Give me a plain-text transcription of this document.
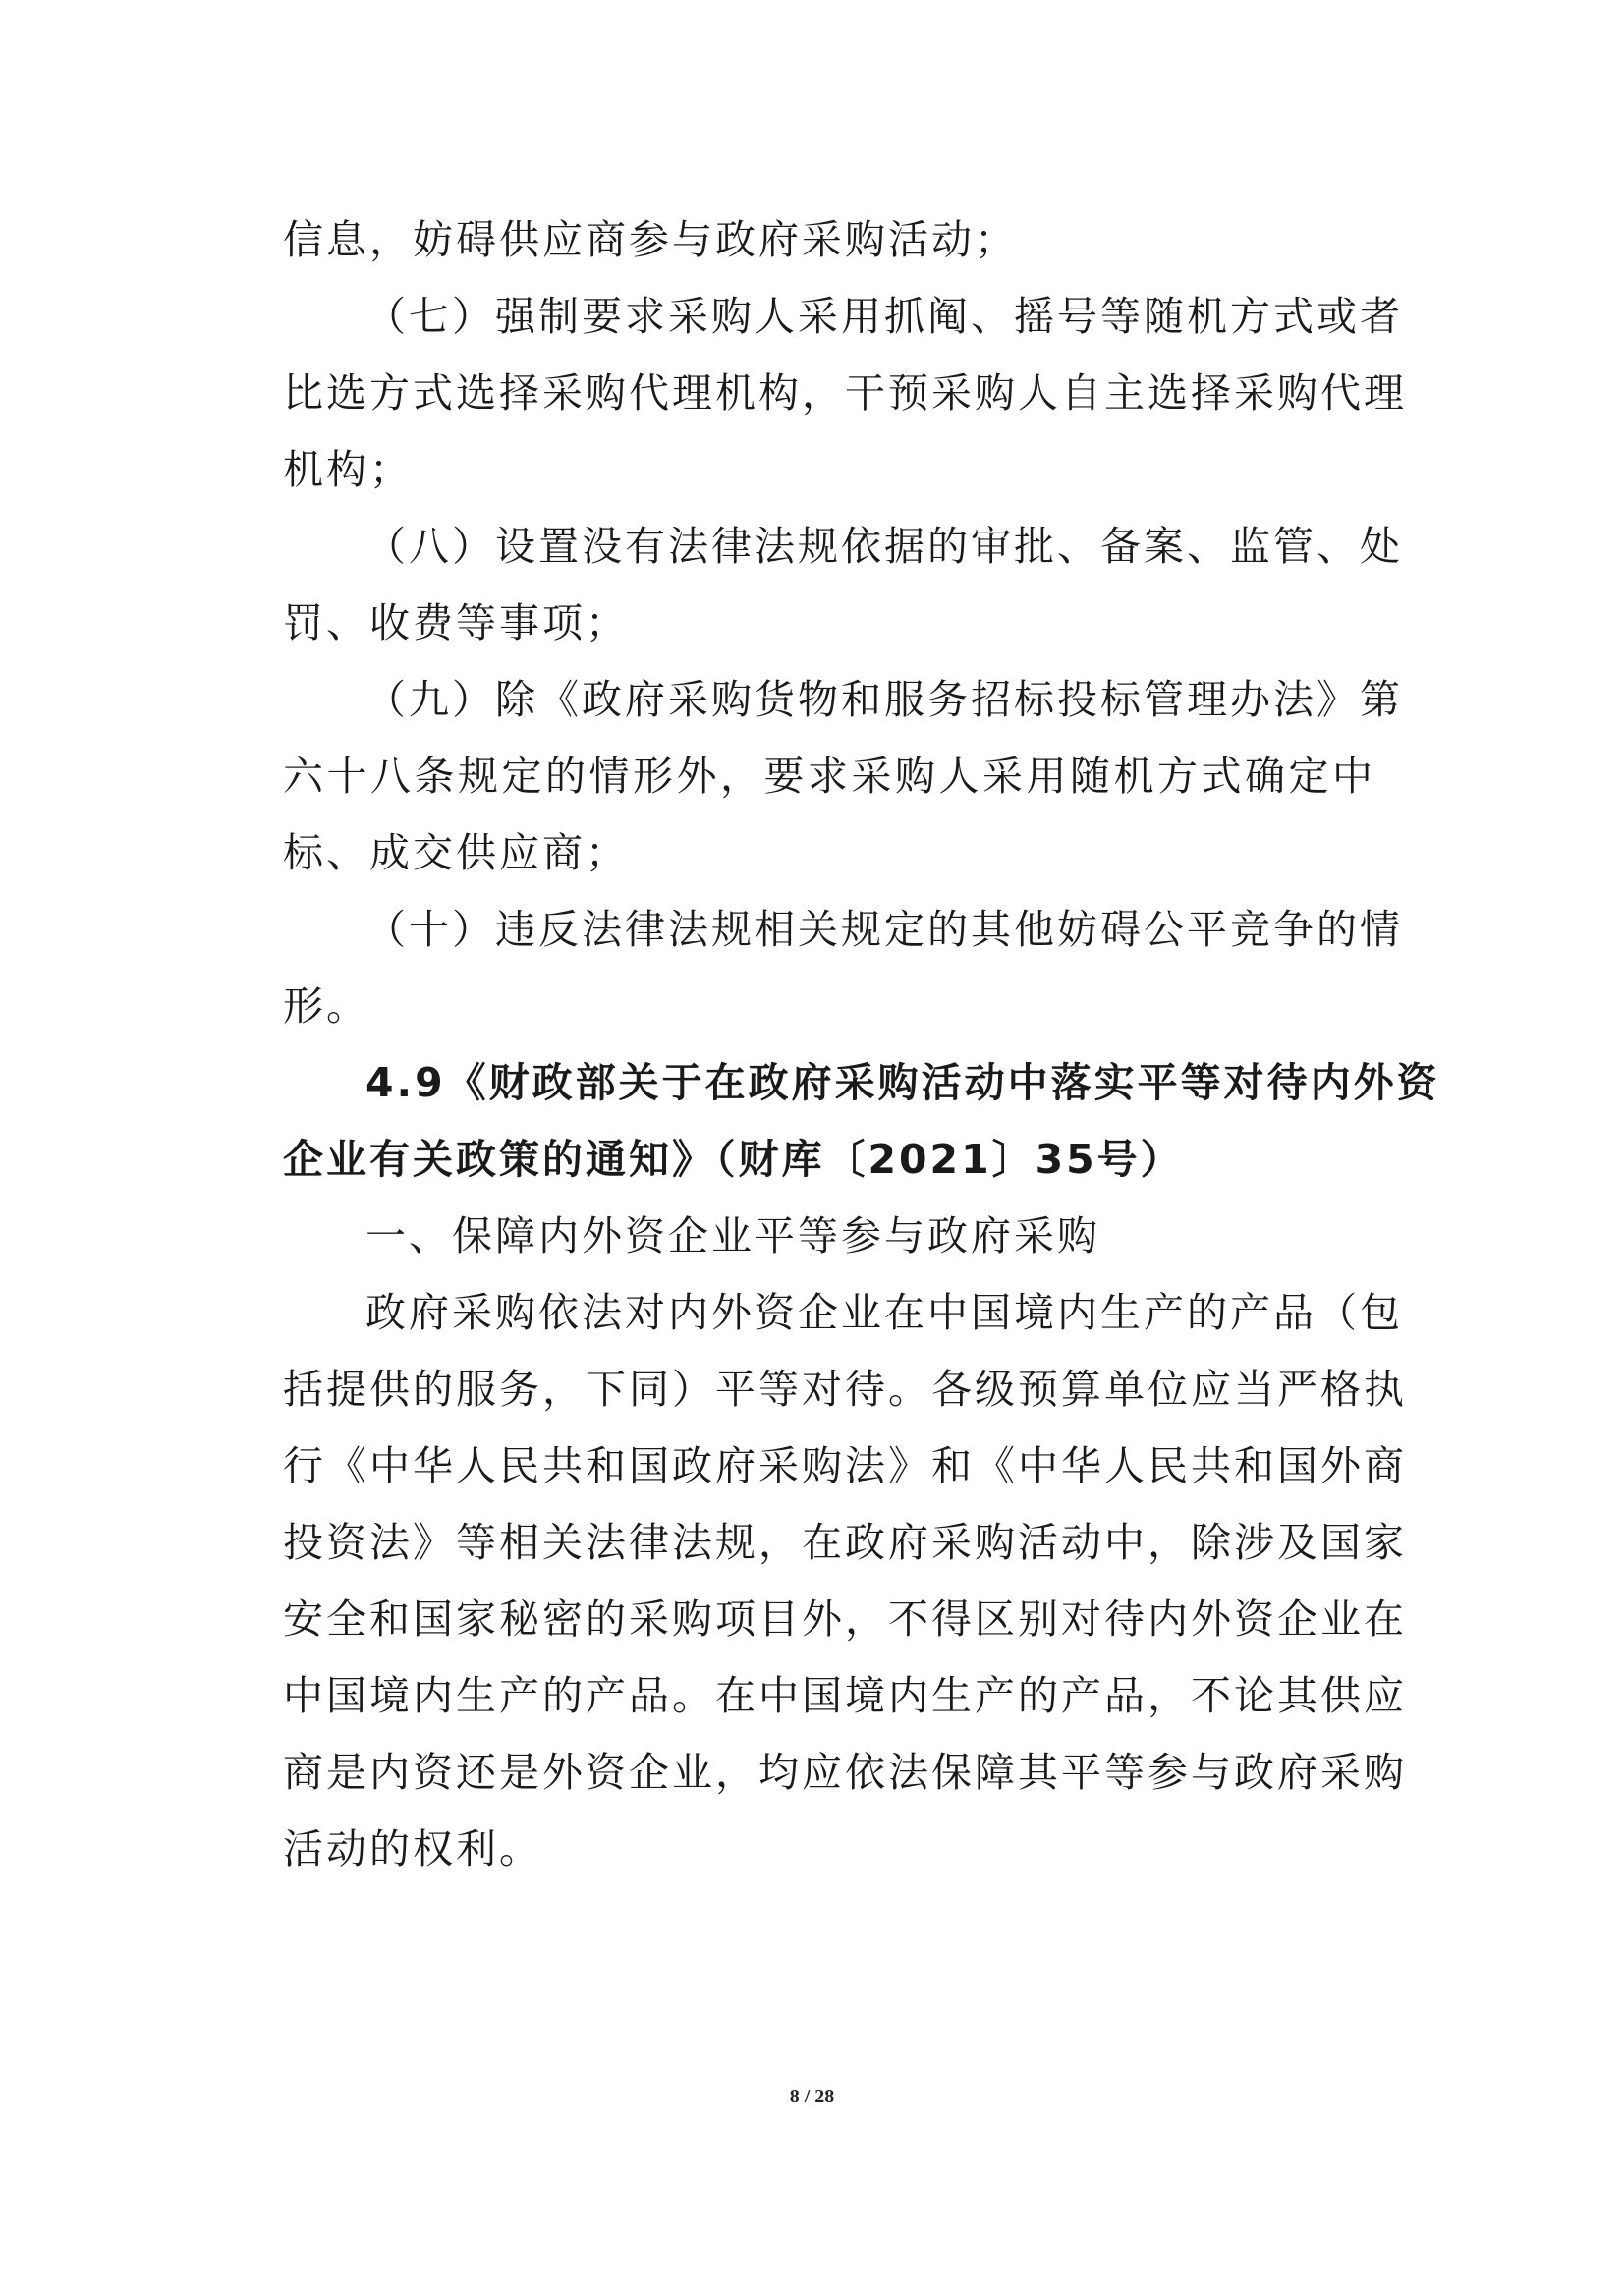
信息，妨碍供应商参与政府采购活动；
（七）强制要求采购人采用抓阄、摇号等随机方式或者
比选方式选择采购代理机构，干预采购人自主选择采购代理
机构；
（八）设置没有法律法规依据的审批、备案、监管、处
罚、收费等事项；
（九）除《政府采购货物和服务招标投标管理办法》第
六十八条规定的情形外，要求采购人采用随机方式确定中
标、成交供应商；
（十）违反法律法规相关规定的其他妨碍公平竞争的情
形。
4.9《财政部关于在政府采购活动中落实平等对待内外资
企业有关政策的通知》（财库〔2021〕35号）
一、保障内外资企业平等参与政府采购
政府采购依法对内外资企业在中国境内生产的产品（包
括提供的服务，下同）平等对待。各级预算单位应当严格执
行《中华人民共和国政府采购法》和《中华人民共和国外商
投资法》等相关法律法规，在政府采购活动中，除涉及国家
安全和国家秘密的采购项目外，不得区别对待内外资企业在
中国境内生产的产品。在中国境内生产的产品，不论其供应
商是内资还是外资企业，均应依法保障其平等参与政府采购
活动的权利。
8 / 28
